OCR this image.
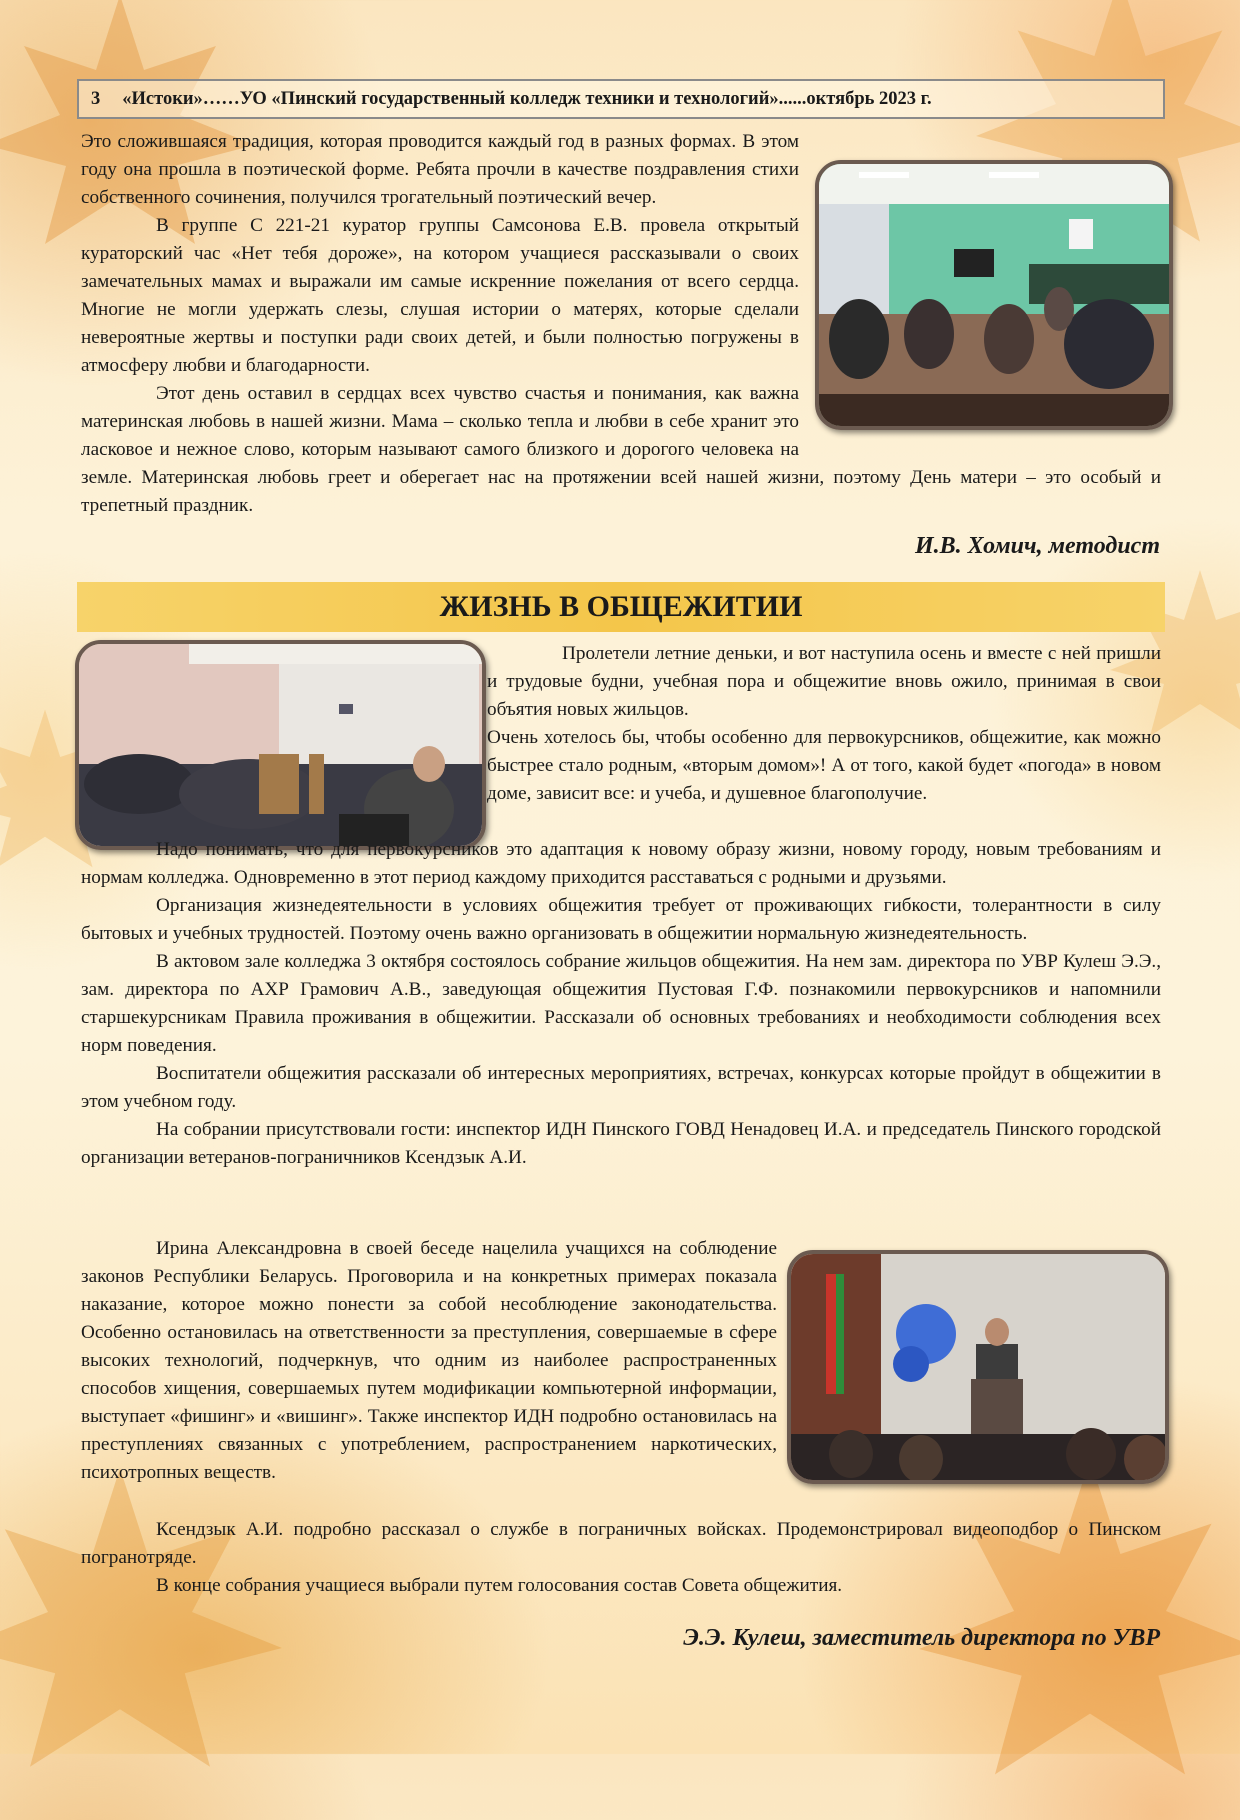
3 «Истоки»……УО «Пинский государственный колледж техники и технологий»......октябрь 2023 г.

Это сложившаяся традиция, которая проводится каждый год в разных формах. В этом году она прошла в поэтической форме. Ребята прочли в качестве поздравления стихи собственного сочинения, получился трогательный поэтический вечер.

В группе С 221-21 куратор группы Самсонова Е.В. провела открытый кураторский час «Нет тебя дороже», на котором учащиеся рассказывали о своих замечательных мамах и выражали им самые искренние пожелания от всего сердца. Многие не могли удержать слезы, слушая истории о матерях, которые сделали невероятные жертвы и поступки ради своих детей, и были полностью погружены в атмосферу любви и благодарности.

Этот день оставил в сердцах всех чувство счастья и понимания, как важна материнская любовь в нашей жизни. Мама – сколько тепла и любви в себе хранит это ласковое и нежное слово, которым называют самого близкого и дорогого человека на земле. Материнская любовь греет и оберегает нас на протяжении всей нашей жизни, поэтому День матери – это особый и трепетный праздник.

И.В. Хомич, методист
ЖИЗНЬ В ОБЩЕЖИТИИ

Пролетели летние деньки, и вот наступила осень и вместе с ней пришли и трудовые будни, учебная пора и общежитие вновь ожило, принимая в свои объятия новых жильцов.

Очень хотелось бы, чтобы особенно для первокурсников, общежитие, как можно быстрее стало родным, «вторым домом»! А от того, какой будет «погода» в новом доме, зависит все: и учеба, и душевное благополучие.

Надо понимать, что для первокурсников это адаптация к новому образу жизни, новому городу, новым требованиям и нормам колледжа. Одновременно в этот период каждому приходится расставаться с родными и друзьями.

Организация жизнедеятельности в условиях общежития требует от проживающих гибкости, толерантности в силу бытовых и учебных трудностей. Поэтому очень важно организовать в общежитии нормальную жизнедеятельность.

В актовом зале колледжа 3 октября состоялось собрание жильцов общежития. На нем зам. директора по УВР Кулеш Э.Э., зам. директора по АХР Грамович А.В., заведующая общежития Пустовая Г.Ф. познакомили первокурсников и напомнили старшекурсникам Правила проживания в общежитии. Рассказали об основных требованиях и необходимости соблюдения всех норм поведения.

Воспитатели общежития рассказали об интересных мероприятиях, встречах, конкурсах которые пройдут в общежитии в этом учебном году.

На собрании присутствовали гости: инспектор ИДН Пинского ГОВД Ненадовец И.А. и председатель Пинского городской организации ветеранов-пограничников Ксендзык А.И.

Ирина Александровна в своей беседе нацелила учащихся на соблюдение законов Республики Беларусь. Проговорила и на конкретных примерах показала наказание, которое можно понести за собой несоблюдение законодательства. Особенно остановилась на ответственности за преступления, совершаемые в сфере высоких технологий, подчеркнув, что одним из наиболее распространенных способов хищения, совершаемых путем модификации компьютерной информации, выступает «фишинг» и «вишинг». Также инспектор ИДН подробно остановилась на преступлениях связанных с употреблением, распространением наркотических, психотропных веществ.

Ксендзык А.И. подробно рассказал о службе в пограничных войсках. Продемонстрировал видеоподбор о Пинском погранотряде.

В конце собрания учащиеся выбрали путем голосования состав Совета общежития.

Э.Э. Кулеш, заместитель директора по УВР
